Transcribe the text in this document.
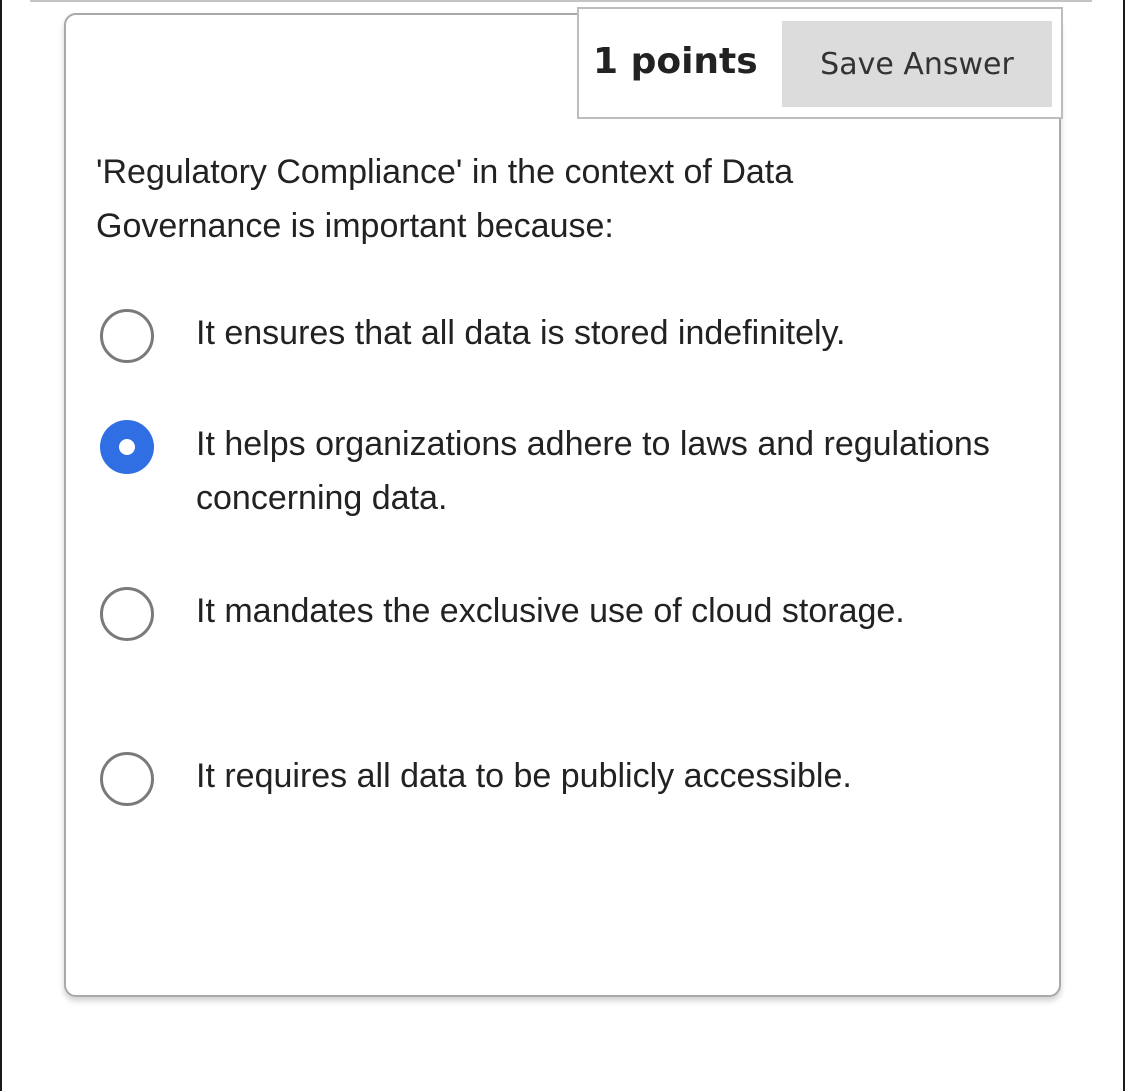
1 points	Save Answer
'Regulatory Compliance' in the context of Data Governance is important because:
It ensures that all data is stored indefinitely.
It helps organizations adhere to laws and regulations concerning data.
It mandates the exclusive use of cloud storage.
It requires all data to be publicly accessible.
